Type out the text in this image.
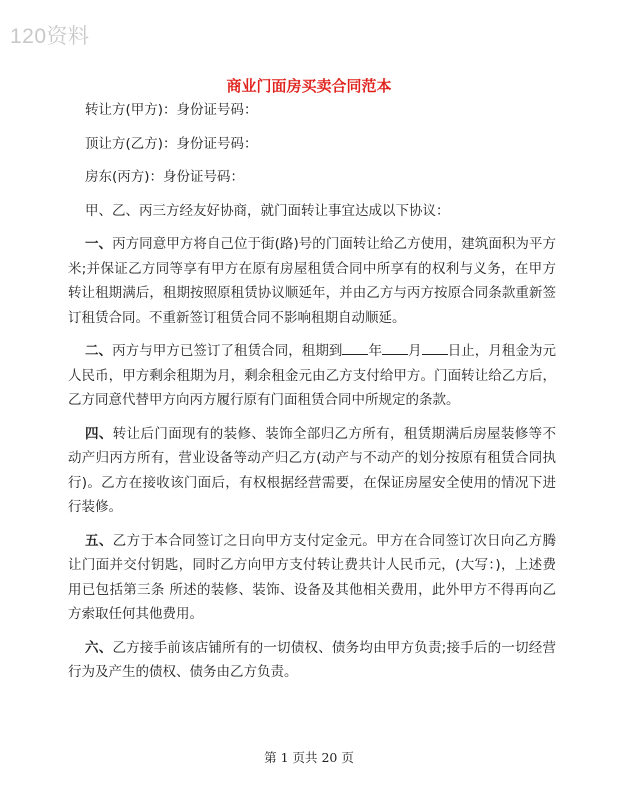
120资料
商业门面房买卖合同范本

转让方(甲方)：身份证号码：

顶让方(乙方)：身份证号码：

房东(丙方)：身份证号码：

甲、乙、丙三方经友好协商，就门面转让事宜达成以下协议：

一、丙方同意甲方将自己位于街(路)号的门面转让给乙方使用，建筑面积为平方米;并保证乙方同等享有甲方在原有房屋租赁合同中所享有的权利与义务，在甲方转让租期满后，租期按照原租赁协议顺延年，并由乙方与丙方按原合同条款重新签订租赁合同。不重新签订租赁合同不影响租期自动顺延。

二、丙方与甲方已签订了租赁合同，租期到 年 月 日止，月租金为元人民币，甲方剩余租期为月，剩余租金元由乙方支付给甲方。门面转让给乙方后，乙方同意代替甲方向丙方履行原有门面租赁合同中所规定的条款。

四、转让后门面现有的装修、装饰全部归乙方所有，租赁期满后房屋装修等不动产归丙方所有，营业设备等动产归乙方(动产与不动产的划分按原有租赁合同执行)。乙方在接收该门面后，有权根据经营需要，在保证房屋安全使用的情况下进行装修。

五、乙方于本合同签订之日向甲方支付定金元。甲方在合同签订次日向乙方腾让门面并交付钥匙，同时乙方向甲方支付转让费共计人民币元，(大写：)，上述费用已包括第三条 所述的装修、装饰、设备及其他相关费用，此外甲方不得再向乙方索取任何其他费用。

六、乙方接手前该店铺所有的一切债权、债务均由甲方负责;接手后的一切经营行为及产生的债权、债务由乙方负责。

第 1 页共 20 页
